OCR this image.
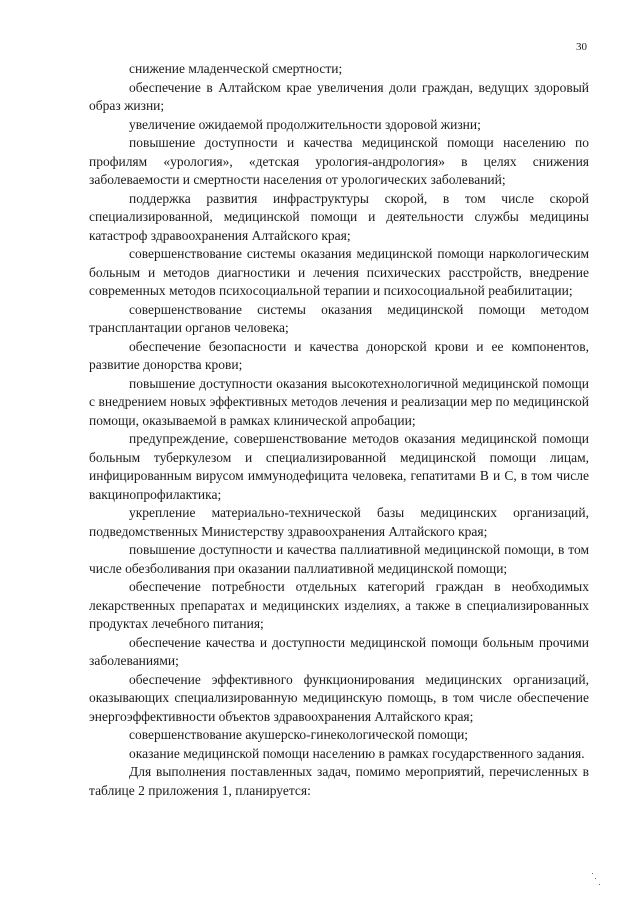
30

снижение младенческой смертности;

обеспечение в Алтайском крае увеличения доли граждан, ведущих здоровый образ жизни;

увеличение ожидаемой продолжительности здоровой жизни;

повышение доступности и качества медицинской помощи населению по профилям «урология», «детская урология-андрология» в целях снижения заболеваемости и смертности населения от урологических заболеваний;

поддержка развития инфраструктуры скорой, в том числе скорой специализированной, медицинской помощи и деятельности службы медицины катастроф здравоохранения Алтайского края;

совершенствование системы оказания медицинской помощи наркологическим больным и методов диагностики и лечения психических расстройств, внедрение современных методов психосоциальной терапии и психосоциальной реабилитации;

совершенствование системы оказания медицинской помощи методом трансплантации органов человека;

обеспечение безопасности и качества донорской крови и ее компонентов, развитие донорства крови;

повышение доступности оказания высокотехнологичной медицинской помощи с внедрением новых эффективных методов лечения и реализации мер по медицинской помощи, оказываемой в рамках клинической апробации;

предупреждение, совершенствование методов оказания медицинской помощи больным туберкулезом и специализированной медицинской помощи лицам, инфицированным вирусом иммунодефицита человека, гепатитами В и С, в том числе вакцинопрофилактика;

укрепление материально-технической базы медицинских организаций, подведомственных Министерству здравоохранения Алтайского края;

повышение доступности и качества паллиативной медицинской помощи, в том числе обезболивания при оказании паллиативной медицинской помощи;

обеспечение потребности отдельных категорий граждан в необходимых лекарственных препаратах и медицинских изделиях, а также в специализированных продуктах лечебного питания;

обеспечение качества и доступности медицинской помощи больным прочими заболеваниями;

обеспечение эффективного функционирования медицинских организаций, оказывающих специализированную медицинскую помощь, в том числе обеспечение энергоэффективности объектов здравоохранения Алтайского края;

совершенствование акушерско-гинекологической помощи;

оказание медицинской помощи населению в рамках государственного задания.

Для выполнения поставленных задач, помимо мероприятий, перечисленных в таблице 2 приложения 1, планируется:
